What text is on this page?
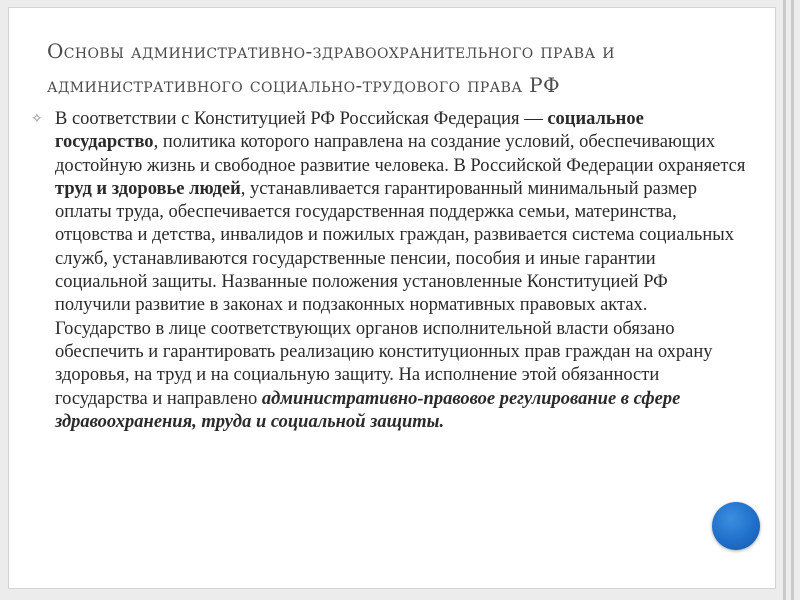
Основы административно-здравоохранительного права и
административного социально-трудового права РФ
✧ В соответствии с Конституцией РФ Российская Федерация — социальное государство, политика которого направлена на создание условий, обеспечивающих достойную жизнь и свободное развитие человека. В Российской Федерации охраняется труд и здоровье людей, устанавливается гарантированный минимальный размер оплаты труда, обеспечивается государственная поддержка семьи, материнства, отцовства и детства, инвалидов и пожилых граждан, развивается система социальных служб, устанавливаются государственные пенсии, пособия и иные гарантии социальной защиты. Названные положения установленные Конституцией РФ получили развитие в законах и подзаконных нормативных правовых актах. Государство в лице соответствующих органов исполнительной власти обязано обеспечить и гарантировать реализацию конституционных прав граждан на охрану здоровья, на труд и на социальную защиту. На исполнение этой обязанности государства и направлено административно-правовое регулирование в сфере здравоохранения, труда и социальной защиты.
